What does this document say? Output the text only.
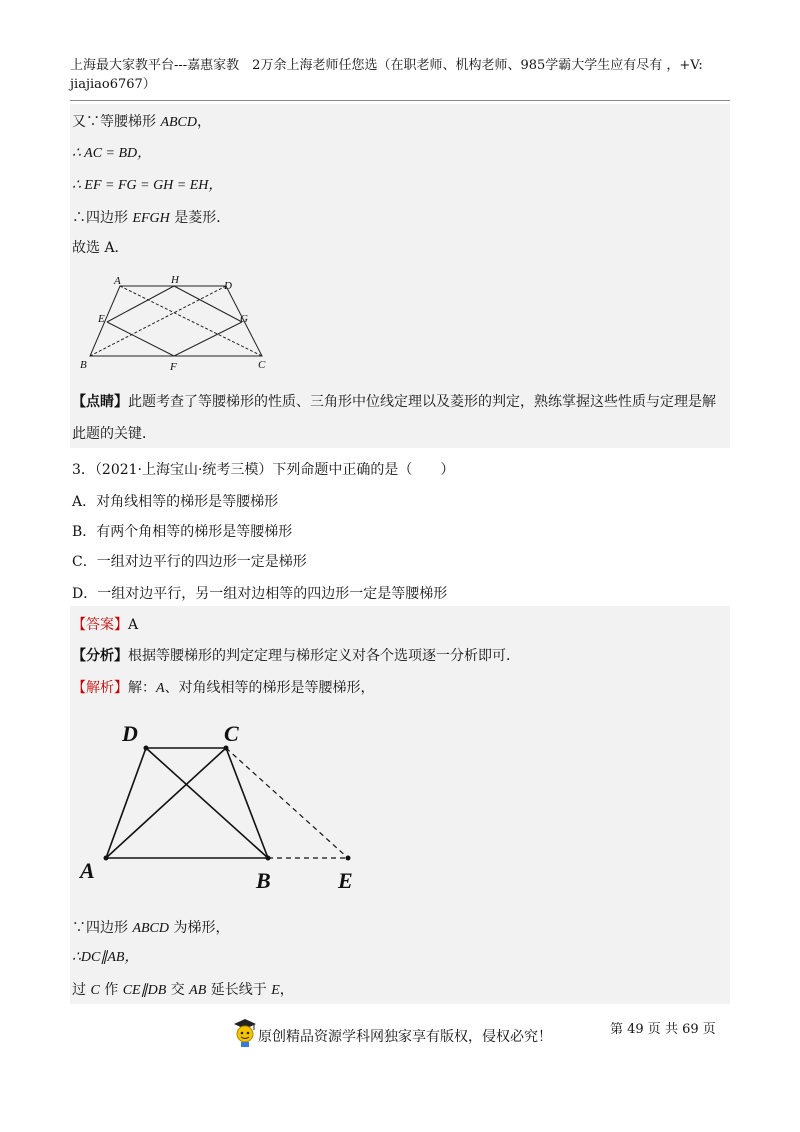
上海最大家教平台---嘉惠家教　2万余上海老师任您选（在职老师、机构老师、985学霸大学生应有尽有 ，+V:
jiajiao6767）
又∵等腰梯形 ABCD，
∴ AC = BD，
∴ EF = FG = GH = EH，
∴四边形 EFGH 是菱形．
故选 A．
A	H	D
E	G
B	F	C
【点睛】此题考查了等腰梯形的性质、三角形中位线定理以及菱形的判定，熟练掌握这些性质与定理是解此题的关键．
3．（2021·上海宝山·统考三模）下列命题中正确的是（　　）
A．对角线相等的梯形是等腰梯形
B．有两个角相等的梯形是等腰梯形
C．一组对边平行的四边形一定是梯形
D．一组对边平行，另一组对边相等的四边形一定是等腰梯形
【答案】A
【分析】根据等腰梯形的判定定理与梯形定义对各个选项逐一分析即可．
【解析】解：A、对角线相等的梯形是等腰梯形，
D	C
A	B	E
∵四边形 ABCD 为梯形，
∴DC∥AB，
过 C 作 CE∥DB 交 AB 延长线于 E，
第 49 页 共 69 页
原创精品资源学科网独家享有版权，侵权必究！
